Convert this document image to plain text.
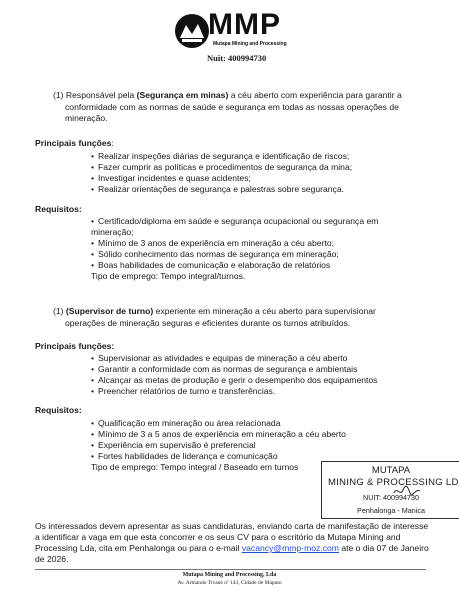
MMP
Mutapa Mining and Processing
Nuit: 400994730
(1) Responsável pela (Segurança em minas) a céu aberto com experiência para garantir a
conformidade com as normas de saúde e segurança em todas as nossas operações de
mineração.
Principais funções:
• Realizar inspeções diárias de segurança e identificação de riscos;
• Fazer cumprir as políticas e procedimentos de segurança da mina;
• Investigar incidentes e quase acidentes;
• Realizar orientações de segurança e palestras sobre segurança.
Requisitos:
• Certificado/diploma em saúde e segurança ocupacional ou segurança em
mineração;
• Mínimo de 3 anos de experiência em mineração a céu aberto;
• Sólido conhecimento das normas de segurança em mineração;
• Boas habilidades de comunicação e elaboração de relatórios
Tipo de emprego: Tempo integral/turnos.
(1) (Supervisor de turno) experiente em mineração a céu aberto para supervisionar
operações de mineração seguras e eficientes durante os turnos atribuídos.
Principais funções:
• Supervisionar as atividades e equipas de mineração a céu aberto
• Garantir a conformidade com as normas de segurança e ambientais
• Alcançar as metas de produção e gerir o desempenho dos equipamentos
• Preencher relatórios de turno e transferências.
Requisitos:
• Qualificação em mineração ou área relacionada
• Mínimo de 3 a 5 anos de experiência em mineração a céu aberto
• Experiência em supervisão é preferencial
• Fortes habilidades de liderança e comunicação
Tipo de emprego: Tempo integral / Baseado em turnos	MUTAPA
MINING & PROCESSING LD
NUIT: 400994730
Penhalonga - Manica
Os interessados devem apresentar as suas candidaturas, enviando carta de manifestação de interesse
a identificar a vaga em que esta concorrer e os seus CV para o escritório da Mutapa Mining and
Processing Lda, cita em Penhalonga ou para o e-mail vacancy@mmp-moz.com ate o dia 07 de Janeiro
de 2026.
Mutapa Mining and Processing, Lda
Av. Armando Tivane nº 143, Cidade de Maputo
